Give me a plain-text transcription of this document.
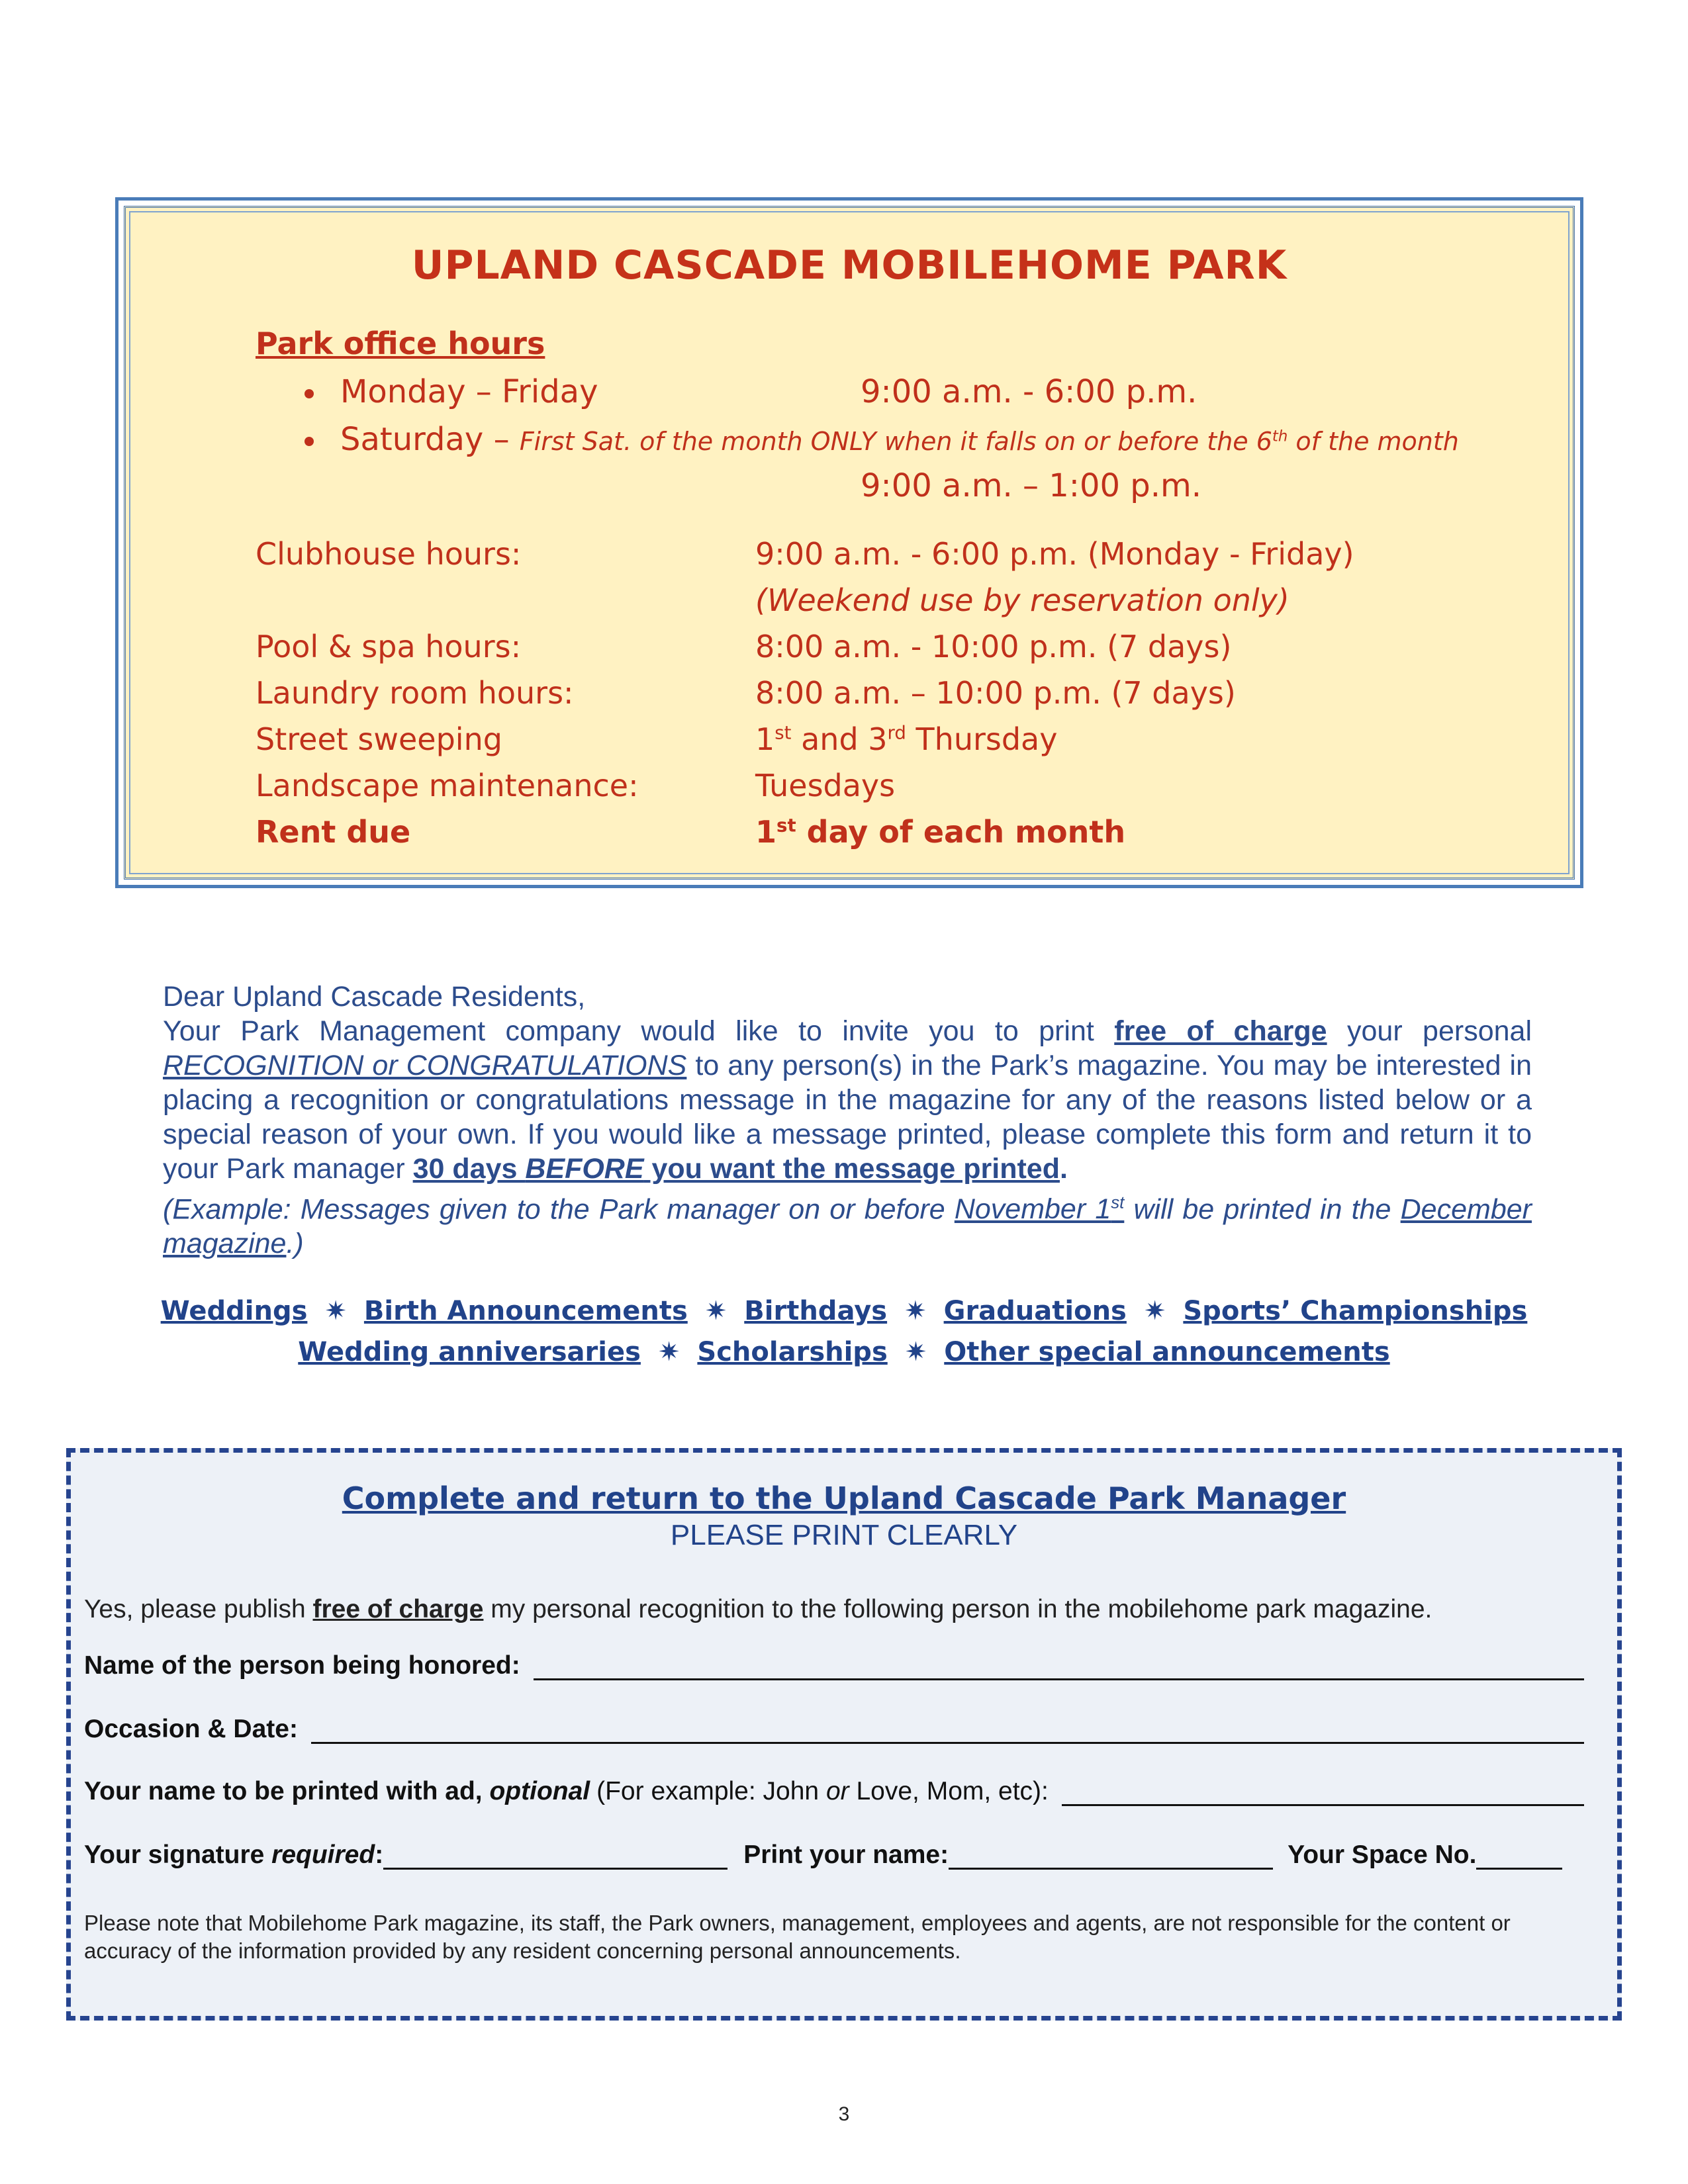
UPLAND CASCADE MOBILEHOME PARK
Park office hours
Monday – Friday	9:00 a.m. - 6:00 p.m.
Saturday – First Sat. of the month ONLY when it falls on or before the 6th of the month
9:00 a.m. – 1:00 p.m.
Clubhouse hours:	9:00 a.m. - 6:00 p.m. (Monday - Friday)
(Weekend use by reservation only)
Pool & spa hours:	8:00 a.m. - 10:00 p.m. (7 days)
Laundry room hours:	8:00 a.m. – 10:00 p.m. (7 days)
Street sweeping	1st and 3rd Thursday
Landscape maintenance:	Tuesdays
Rent due	1st day of each month
Dear Upland Cascade Residents,
Your Park Management company would like to invite you to print free of charge your personal RECOGNITION or CONGRATULATIONS to any person(s) in the Park’s magazine. You may be interested in placing a recognition or congratulations message in the magazine for any of the reasons listed below or a special reason of your own. If you would like a message printed, please complete this form and return it to your Park manager 30 days BEFORE you want the message printed.
(Example: Messages given to the Park manager on or before November 1st will be printed in the December magazine.)
Weddings ✷ Birth Announcements ✷ Birthdays ✷ Graduations ✷ Sports’ Championships
Wedding anniversaries ✷ Scholarships ✷ Other special announcements
Complete and return to the Upland Cascade Park Manager
PLEASE PRINT CLEARLY
Yes, please publish free of charge my personal recognition to the following person in the mobilehome park magazine.
Name of the person being honored:
Occasion & Date:
Your name to be printed with ad, optional (For example: John or Love, Mom, etc):
Your signature required:	Print your name:	Your Space No.
Please note that Mobilehome Park magazine, its staff, the Park owners, management, employees and agents, are not responsible for the content or accuracy of the information provided by any resident concerning personal announcements.
3
